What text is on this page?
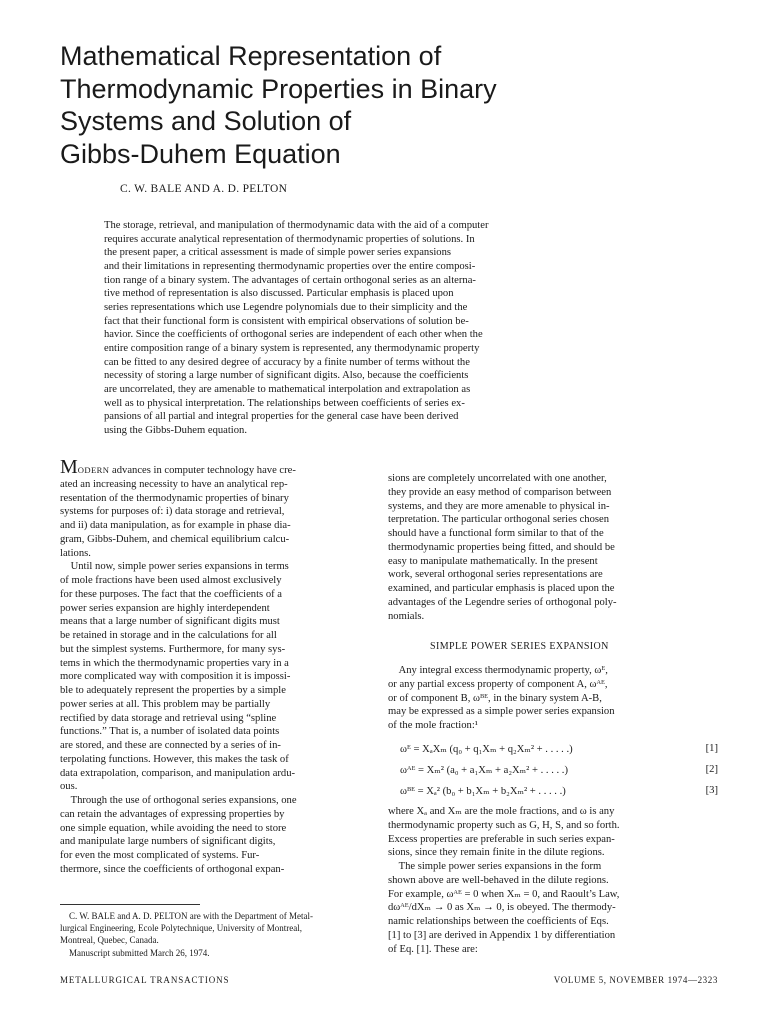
Mathematical Representation of
Thermodynamic Properties in Binary
Systems and Solution of
Gibbs-Duhem Equation
C. W. BALE AND A. D. PELTON
The storage, retrieval, and manipulation of thermodynamic data with the aid of a computer
requires accurate analytical representation of thermodynamic properties of solutions. In
the present paper, a critical assessment is made of simple power series expansions
and their limitations in representing thermodynamic properties over the entire composi-
tion range of a binary system. The advantages of certain orthogonal series as an alterna-
tive method of representation is also discussed. Particular emphasis is placed upon
series representations which use Legendre polynomials due to their simplicity and the
fact that their functional form is consistent with empirical observations of solution be-
havior. Since the coefficients of orthogonal series are independent of each other when the
entire composition range of a binary system is represented, any thermodynamic property
can be fitted to any desired degree of accuracy by a finite number of terms without the
necessity of storing a large number of significant digits. Also, because the coefficients
are uncorrelated, they are amenable to mathematical interpolation and extrapolation as
well as to physical interpretation. The relationships between coefficients of series ex-
pansions of all partial and integral properties for the general case have been derived
using the Gibbs-Duhem equation.
MODERN advances in computer technology have cre-
ated an increasing necessity to have an analytical rep-
resentation of the thermodynamic properties of binary
systems for purposes of: i) data storage and retrieval,
and ii) data manipulation, as for example in phase dia-
gram, Gibbs-Duhem, and chemical equilibrium calcu-
lations.
 Until now, simple power series expansions in terms
of mole fractions have been used almost exclusively
for these purposes. The fact that the coefficients of a
power series expansion are highly interdependent
means that a large number of significant digits must
be retained in storage and in the calculations for all
but the simplest systems. Furthermore, for many sys-
tems in which the thermodynamic properties vary in a
more complicated way with composition it is impossi-
ble to adequately represent the properties by a simple
power series at all. This problem may be partially
rectified by data storage and retrieval using “spline
functions.” That is, a number of isolated data points
are stored, and these are connected by a series of in-
terpolating functions. However, this makes the task of
data extrapolation, comparison, and manipulation ardu-
ous.
 Through the use of orthogonal series expansions, one
can retain the advantages of expressing properties by
one simple equation, while avoiding the need to store
and manipulate large numbers of significant digits,
for even the most complicated of systems. Fur-
thermore, since the coefficients of orthogonal expan-
sions are completely uncorrelated with one another,
they provide an easy method of comparison between
systems, and they are more amenable to physical in-
terpretation. The particular orthogonal series chosen
should have a functional form similar to that of the
thermodynamic properties being fitted, and should be
easy to manipulate mathematically. In the present
work, several orthogonal series representations are
examined, and particular emphasis is placed upon the
advantages of the Legendre series of orthogonal poly-
nomials.
SIMPLE POWER SERIES EXPANSION
 Any integral excess thermodynamic property, ωᴱ,
or any partial excess property of component A, ωᴬᴱ,
or of component B, ωᴮᴱ, in the binary system A-B,
may be expressed as a simple power series expansion
of the mole fraction:¹
ωᴱ = XₐXₘ (q₀ + q₁Xₘ + q₂Xₘ² + . . . . .)	[1]
ωᴬᴱ = Xₘ² (a₀ + a₁Xₘ + a₂Xₘ² + . . . . .)	[2]
ωᴮᴱ = Xₐ² (b₀ + b₁Xₘ + b₂Xₘ² + . . . . .)	[3]
where Xₐ and Xₘ are the mole fractions, and ω is any
thermodynamic property such as G, H, S, and so forth.
Excess properties are preferable in such series expan-
sions, since they remain finite in the dilute regions.
 The simple power series expansions in the form
shown above are well-behaved in the dilute regions.
For example, ωᴬᴱ = 0 when Xₘ = 0, and Raoult’s Law,
dωᴬᴱ/dXₘ → 0 as Xₘ → 0, is obeyed. The thermody-
namic relationships between the coefficients of Eqs.
[1] to [3] are derived in Appendix 1 by differentiation
of Eq. [1]. These are:
 C. W. BALE and A. D. PELTON are with the Department of Metal-
lurgical Engineering, Ecole Polytechnique, University of Montreal,
Montreal, Quebec, Canada.
 Manuscript submitted March 26, 1974.
METALLURGICAL TRANSACTIONS	VOLUME 5, NOVEMBER 1974—2323
